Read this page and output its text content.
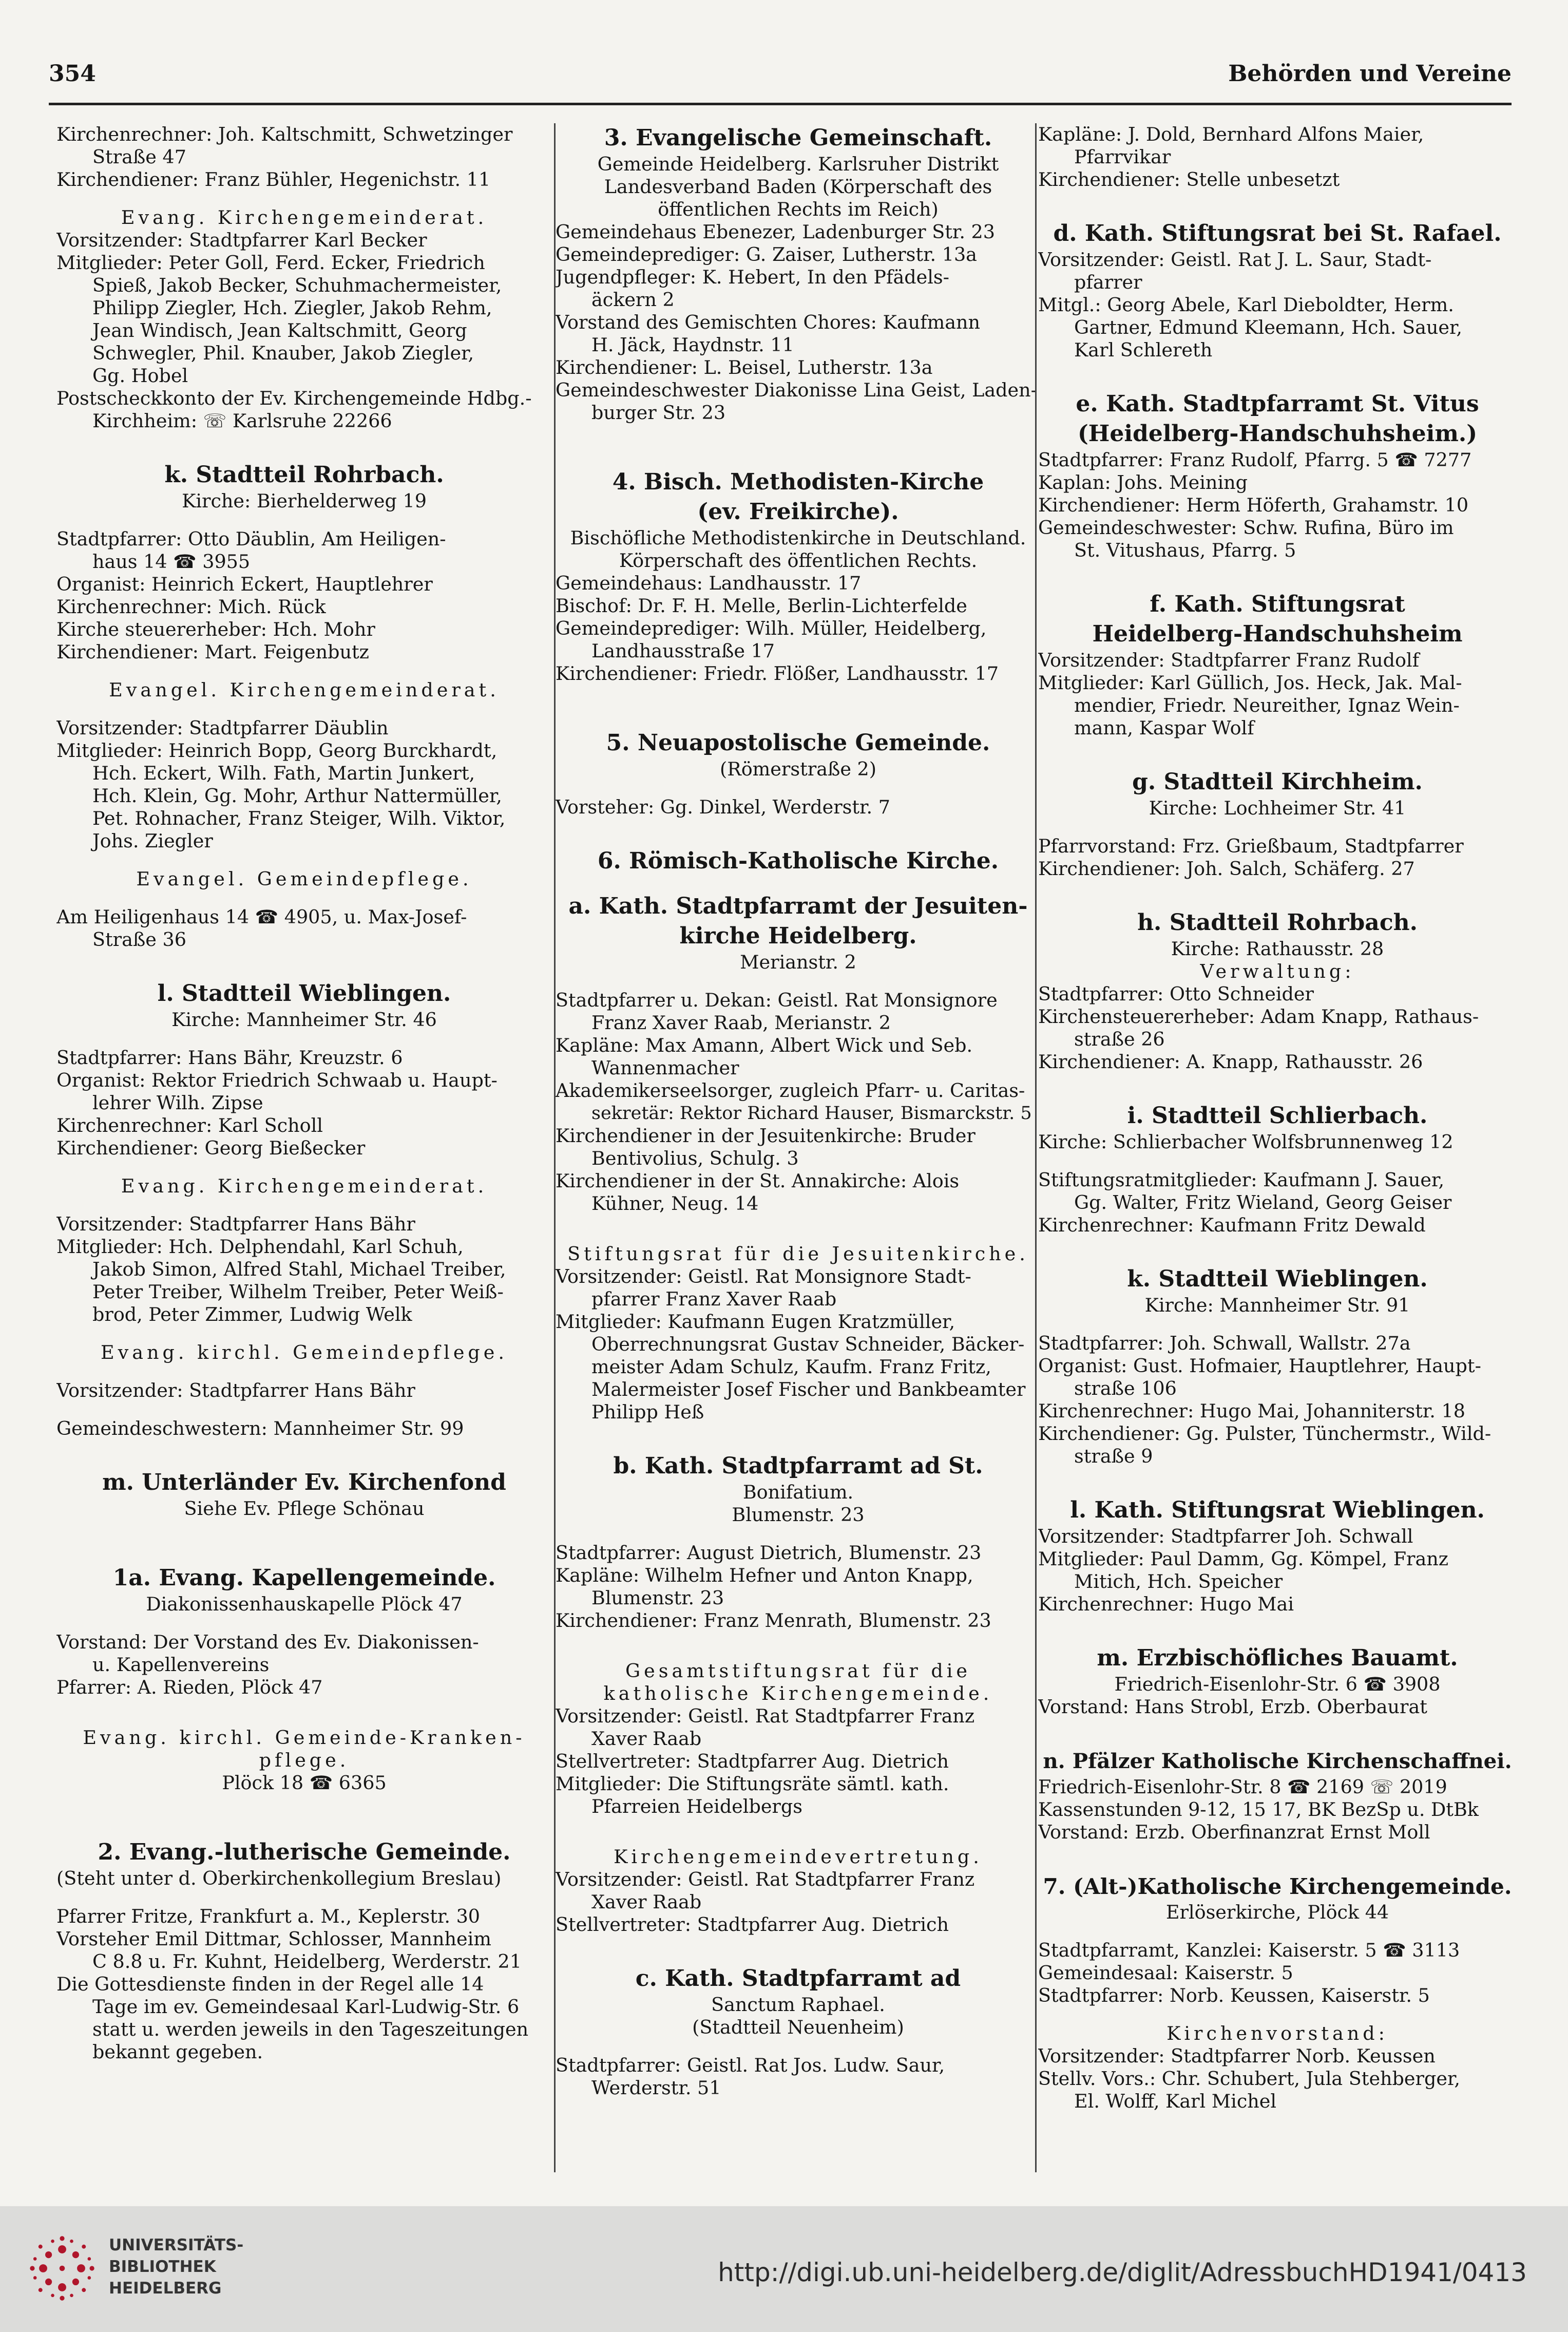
354	Behörden und Vereine
Kirchenrechner: Joh. Kaltschmitt, Schwetzinger
Straße 47
Kirchendiener: Franz Bühler, Hegenichstr. 11
Evang. Kirchengemeinderat.
Vorsitzender: Stadtpfarrer Karl Becker
Mitglieder: Peter Goll, Ferd. Ecker, Friedrich
Spieß, Jakob Becker, Schuhmachermeister,
Philipp Ziegler, Hch. Ziegler, Jakob Rehm,
Jean Windisch, Jean Kaltschmitt, Georg
Schwegler, Phil. Knauber, Jakob Ziegler,
Gg. Hobel
Postscheckkonto der Ev. Kirchengemeinde Hdbg.-
Kirchheim: ☏ Karlsruhe 22266
k. Stadtteil Rohrbach.
Kirche: Bierhelderweg 19
Stadtpfarrer: Otto Däublin, Am Heiligen-
haus 14 ☎ 3955
Organist: Heinrich Eckert, Hauptlehrer
Kirchenrechner: Mich. Rück
Kirche steuererheber: Hch. Mohr
Kirchendiener: Mart. Feigenbutz
Evangel. Kirchengemeinderat.
Vorsitzender: Stadtpfarrer Däublin
Mitglieder: Heinrich Bopp, Georg Burckhardt,
Hch. Eckert, Wilh. Fath, Martin Junkert,
Hch. Klein, Gg. Mohr, Arthur Nattermüller,
Pet. Rohnacher, Franz Steiger, Wilh. Viktor,
Johs. Ziegler
Evangel. Gemeindepflege.
Am Heiligenhaus 14 ☎ 4905, u. Max-Josef-
Straße 36
l. Stadtteil Wieblingen.
Kirche: Mannheimer Str. 46
Stadtpfarrer: Hans Bähr, Kreuzstr. 6
Organist: Rektor Friedrich Schwaab u. Haupt-
lehrer Wilh. Zipse
Kirchenrechner: Karl Scholl
Kirchendiener: Georg Bießecker
Evang. Kirchengemeinderat.
Vorsitzender: Stadtpfarrer Hans Bähr
Mitglieder: Hch. Delphendahl, Karl Schuh,
Jakob Simon, Alfred Stahl, Michael Treiber,
Peter Treiber, Wilhelm Treiber, Peter Weiß-
brod, Peter Zimmer, Ludwig Welk
Evang. kirchl. Gemeindepflege.
Vorsitzender: Stadtpfarrer Hans Bähr
Gemeindeschwestern: Mannheimer Str. 99
m. Unterländer Ev. Kirchenfond
Siehe Ev. Pflege Schönau
1a. Evang. Kapellengemeinde.
Diakonissenhauskapelle Plöck 47
Vorstand: Der Vorstand des Ev. Diakonissen-
u. Kapellenvereins
Pfarrer: A. Rieden, Plöck 47
Evang. kirchl. Gemeinde-Kranken-
pflege.
Plöck 18 ☎ 6365
2. Evang.-lutherische Gemeinde.
(Steht unter d. Oberkirchenkollegium Breslau)
Pfarrer Fritze, Frankfurt a. M., Keplerstr. 30
Vorsteher Emil Dittmar, Schlosser, Mannheim
C 8.8 u. Fr. Kuhnt, Heidelberg, Werderstr. 21
Die Gottesdienste finden in der Regel alle 14
Tage im ev. Gemeindesaal Karl-Ludwig-Str. 6
statt u. werden jeweils in den Tageszeitungen
bekannt gegeben.
3. Evangelische Gemeinschaft.
Gemeinde Heidelberg. Karlsruher Distrikt
Landesverband Baden (Körperschaft des
öffentlichen Rechts im Reich)
Gemeindehaus Ebenezer, Ladenburger Str. 23
Gemeindeprediger: G. Zaiser, Lutherstr. 13a
Jugendpfleger: K. Hebert, In den Pfädels-
äckern 2
Vorstand des Gemischten Chores: Kaufmann
H. Jäck, Haydnstr. 11
Kirchendiener: L. Beisel, Lutherstr. 13a
Gemeindeschwester Diakonisse Lina Geist, Laden-
burger Str. 23
4. Bisch. Methodisten-Kirche
(ev. Freikirche).
Bischöfliche Methodistenkirche in Deutschland.
Körperschaft des öffentlichen Rechts.
Gemeindehaus: Landhausstr. 17
Bischof: Dr. F. H. Melle, Berlin-Lichterfelde
Gemeindeprediger: Wilh. Müller, Heidelberg,
Landhausstraße 17
Kirchendiener: Friedr. Flößer, Landhausstr. 17
5. Neuapostolische Gemeinde.
(Römerstraße 2)
Vorsteher: Gg. Dinkel, Werderstr. 7
6. Römisch-Katholische Kirche.
a. Kath. Stadtpfarramt der Jesuiten-
kirche Heidelberg.
Merianstr. 2
Stadtpfarrer u. Dekan: Geistl. Rat Monsignore
Franz Xaver Raab, Merianstr. 2
Kapläne: Max Amann, Albert Wick und Seb.
Wannenmacher
Akademikerseelsorger, zugleich Pfarr- u. Caritas-
sekretär: Rektor Richard Hauser, Bismarckstr. 5
Kirchendiener in der Jesuitenkirche: Bruder
Bentivolius, Schulg. 3
Kirchendiener in der St. Annakirche: Alois
Kühner, Neug. 14
Stiftungsrat für die Jesuitenkirche.
Vorsitzender: Geistl. Rat Monsignore Stadt-
pfarrer Franz Xaver Raab
Mitglieder: Kaufmann Eugen Kratzmüller,
Oberrechnungsrat Gustav Schneider, Bäcker-
meister Adam Schulz, Kaufm. Franz Fritz,
Malermeister Josef Fischer und Bankbeamter
Philipp Heß
b. Kath. Stadtpfarramt ad St.
Bonifatium.
Blumenstr. 23
Stadtpfarrer: August Dietrich, Blumenstr. 23
Kapläne: Wilhelm Hefner und Anton Knapp,
Blumenstr. 23
Kirchendiener: Franz Menrath, Blumenstr. 23
Gesamtstiftungsrat für die
katholische Kirchengemeinde.
Vorsitzender: Geistl. Rat Stadtpfarrer Franz
Xaver Raab
Stellvertreter: Stadtpfarrer Aug. Dietrich
Mitglieder: Die Stiftungsräte sämtl. kath.
Pfarreien Heidelbergs
Kirchengemeindevertretung.
Vorsitzender: Geistl. Rat Stadtpfarrer Franz
Xaver Raab
Stellvertreter: Stadtpfarrer Aug. Dietrich
c. Kath. Stadtpfarramt ad
Sanctum Raphael.
(Stadtteil Neuenheim)
Stadtpfarrer: Geistl. Rat Jos. Ludw. Saur,
Werderstr. 51
Kapläne: J. Dold, Bernhard Alfons Maier,
Pfarrvikar
Kirchendiener: Stelle unbesetzt
d. Kath. Stiftungsrat bei St. Rafael.
Vorsitzender: Geistl. Rat J. L. Saur, Stadt-
pfarrer
Mitgl.: Georg Abele, Karl Dieboldter, Herm.
Gartner, Edmund Kleemann, Hch. Sauer,
Karl Schlereth
e. Kath. Stadtpfarramt St. Vitus
(Heidelberg-Handschuhsheim.)
Stadtpfarrer: Franz Rudolf, Pfarrg. 5 ☎ 7277
Kaplan: Johs. Meining
Kirchendiener: Herm Höferth, Grahamstr. 10
Gemeindeschwester: Schw. Rufina, Büro im
St. Vitushaus, Pfarrg. 5
f. Kath. Stiftungsrat
Heidelberg-Handschuhsheim
Vorsitzender: Stadtpfarrer Franz Rudolf
Mitglieder: Karl Güllich, Jos. Heck, Jak. Mal-
mendier, Friedr. Neureither, Ignaz Wein-
mann, Kaspar Wolf
g. Stadtteil Kirchheim.
Kirche: Lochheimer Str. 41
Pfarrvorstand: Frz. Grießbaum, Stadtpfarrer
Kirchendiener: Joh. Salch, Schäferg. 27
h. Stadtteil Rohrbach.
Kirche: Rathausstr. 28
Verwaltung:
Stadtpfarrer: Otto Schneider
Kirchensteuererheber: Adam Knapp, Rathaus-
straße 26
Kirchendiener: A. Knapp, Rathausstr. 26
i. Stadtteil Schlierbach.
Kirche: Schlierbacher Wolfsbrunnenweg 12
Stiftungsratmitglieder: Kaufmann J. Sauer,
Gg. Walter, Fritz Wieland, Georg Geiser
Kirchenrechner: Kaufmann Fritz Dewald
k. Stadtteil Wieblingen.
Kirche: Mannheimer Str. 91
Stadtpfarrer: Joh. Schwall, Wallstr. 27a
Organist: Gust. Hofmaier, Hauptlehrer, Haupt-
straße 106
Kirchenrechner: Hugo Mai, Johanniterstr. 18
Kirchendiener: Gg. Pulster, Tünchermstr., Wild-
straße 9
l. Kath. Stiftungsrat Wieblingen.
Vorsitzender: Stadtpfarrer Joh. Schwall
Mitglieder: Paul Damm, Gg. Kömpel, Franz
Mitich, Hch. Speicher
Kirchenrechner: Hugo Mai
m. Erzbischöfliches Bauamt.
Friedrich-Eisenlohr-Str. 6 ☎ 3908
Vorstand: Hans Strobl, Erzb. Oberbaurat
n. Pfälzer Katholische Kirchenschaffnei.
Friedrich-Eisenlohr-Str. 8 ☎ 2169 ☏ 2019
Kassenstunden 9-12, 15 17, BK BezSp u. DtBk
Vorstand: Erzb. Oberfinanzrat Ernst Moll
7. (Alt-)Katholische Kirchengemeinde.
Erlöserkirche, Plöck 44
Stadtpfarramt, Kanzlei: Kaiserstr. 5 ☎ 3113
Gemeindesaal: Kaiserstr. 5
Stadtpfarrer: Norb. Keussen, Kaiserstr. 5
Kirchenvorstand:
Vorsitzender: Stadtpfarrer Norb. Keussen
Stellv. Vors.: Chr. Schubert, Jula Stehberger,
El. Wolff, Karl Michel
UNIVERSITÄTS-
BIBLIOTHEK
HEIDELBERG
http://digi.ub.uni-heidelberg.de/diglit/AdressbuchHD1941/0413
